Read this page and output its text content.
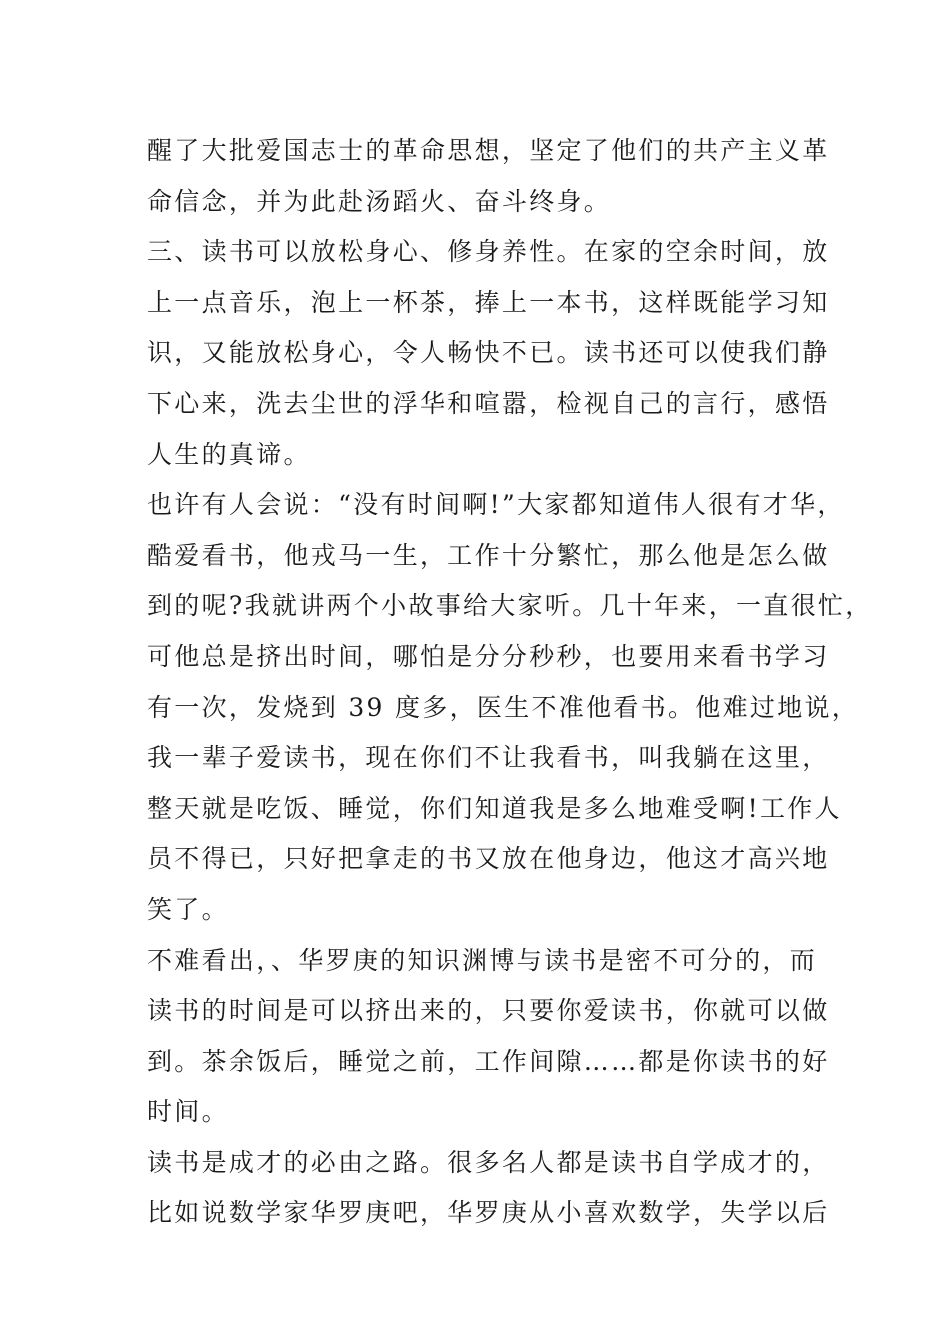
醒了大批爱国志士的革命思想，坚定了他们的共产主义革
命信念，并为此赴汤蹈火、奋斗终身。
三、读书可以放松身心、修身养性。在家的空余时间，放
上一点音乐，泡上一杯茶，捧上一本书，这样既能学习知
识，又能放松身心，令人畅快不已。读书还可以使我们静
下心来，洗去尘世的浮华和喧嚣，检视自己的言行，感悟
人生的真谛。
也许有人会说：“没有时间啊!”大家都知道伟人很有才华，
酷爱看书，他戎马一生，工作十分繁忙，那么他是怎么做
到的呢?我就讲两个小故事给大家听。几十年来，一直很忙，
可他总是挤出时间，哪怕是分分秒秒，也要用来看书学习
有一次，发烧到 39 度多，医生不准他看书。他难过地说，
我一辈子爱读书，现在你们不让我看书，叫我躺在这里，
整天就是吃饭、睡觉，你们知道我是多么地难受啊!工作人
员不得已，只好把拿走的书又放在他身边，他这才高兴地
笑了。
不难看出，、华罗庚的知识渊博与读书是密不可分的，而
读书的时间是可以挤出来的，只要你爱读书，你就可以做
到。茶余饭后，睡觉之前，工作间隙……都是你读书的好
时间。
读书是成才的必由之路。很多名人都是读书自学成才的，
比如说数学家华罗庚吧，华罗庚从小喜欢数学，失学以后
